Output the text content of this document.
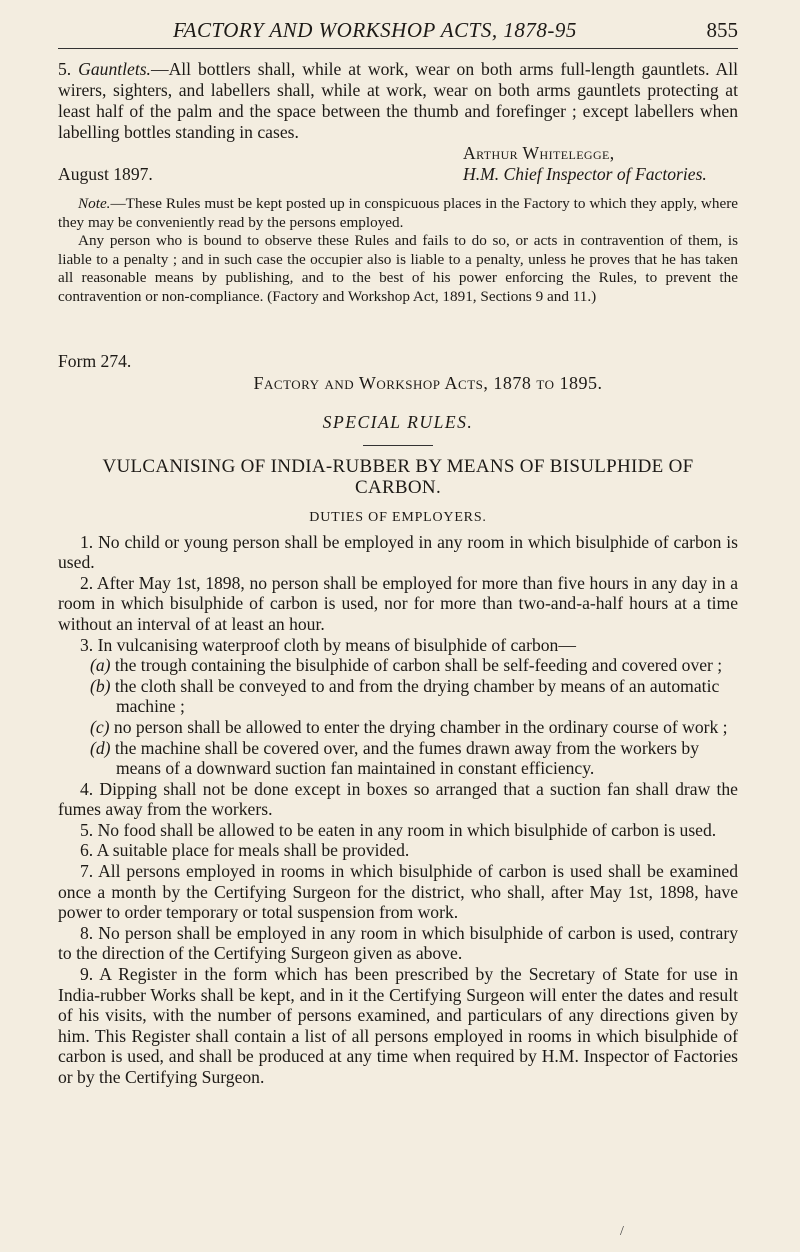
FACTORY AND WORKSHOP ACTS, 1878-95	855

5. Gauntlets.—All bottlers shall, while at work, wear on both arms full-length gauntlets. All wirers, sighters, and labellers shall, while at work, wear on both arms gauntlets protecting at least half of the palm and the space between the thumb and forefinger ; except labellers when labelling bottles standing in cases.

Arthur Whitelegge,
August 1897.	H.M. Chief Inspector of Factories.

Note.—These Rules must be kept posted up in conspicuous places in the Factory to which they apply, where they may be conveniently read by the persons employed.

Any person who is bound to observe these Rules and fails to do so, or acts in contravention of them, is liable to a penalty ; and in such case the occupier also is liable to a penalty, unless he proves that he has taken all reasonable means by publishing, and to the best of his power enforcing the Rules, to prevent the contravention or non-compliance. (Factory and Workshop Act, 1891, Sections 9 and 11.)

Form 274.
Factory and Workshop Acts, 1878 to 1895.
SPECIAL RULES.
VULCANISING OF INDIA-RUBBER BY MEANS OF BISULPHIDE OF CARBON.
DUTIES OF EMPLOYERS.

1. No child or young person shall be employed in any room in which bisulphide of carbon is used.

2. After May 1st, 1898, no person shall be employed for more than five hours in any day in a room in which bisulphide of carbon is used, nor for more than two-and-a-half hours at a time without an interval of at least an hour.

3. In vulcanising waterproof cloth by means of bisulphide of carbon—

(a) the trough containing the bisulphide of carbon shall be self-feeding and covered over ;

(b) the cloth shall be conveyed to and from the drying chamber by means of an automatic machine ;

(c) no person shall be allowed to enter the drying chamber in the ordinary course of work ;

(d) the machine shall be covered over, and the fumes drawn away from the workers by means of a downward suction fan maintained in constant efficiency.

4. Dipping shall not be done except in boxes so arranged that a suction fan shall draw the fumes away from the workers.

5. No food shall be allowed to be eaten in any room in which bisulphide of carbon is used.

6. A suitable place for meals shall be provided.

7. All persons employed in rooms in which bisulphide of carbon is used shall be examined once a month by the Certifying Surgeon for the district, who shall, after May 1st, 1898, have power to order temporary or total suspension from work.

8. No person shall be employed in any room in which bisulphide of carbon is used, contrary to the direction of the Certifying Surgeon given as above.

9. A Register in the form which has been prescribed by the Secretary of State for use in India-rubber Works shall be kept, and in it the Certifying Surgeon will enter the dates and result of his visits, with the number of persons examined, and particulars of any directions given by him. This Register shall contain a list of all persons employed in rooms in which bisulphide of carbon is used, and shall be produced at any time when required by H.M. Inspector of Factories or by the Certifying Surgeon.

/
